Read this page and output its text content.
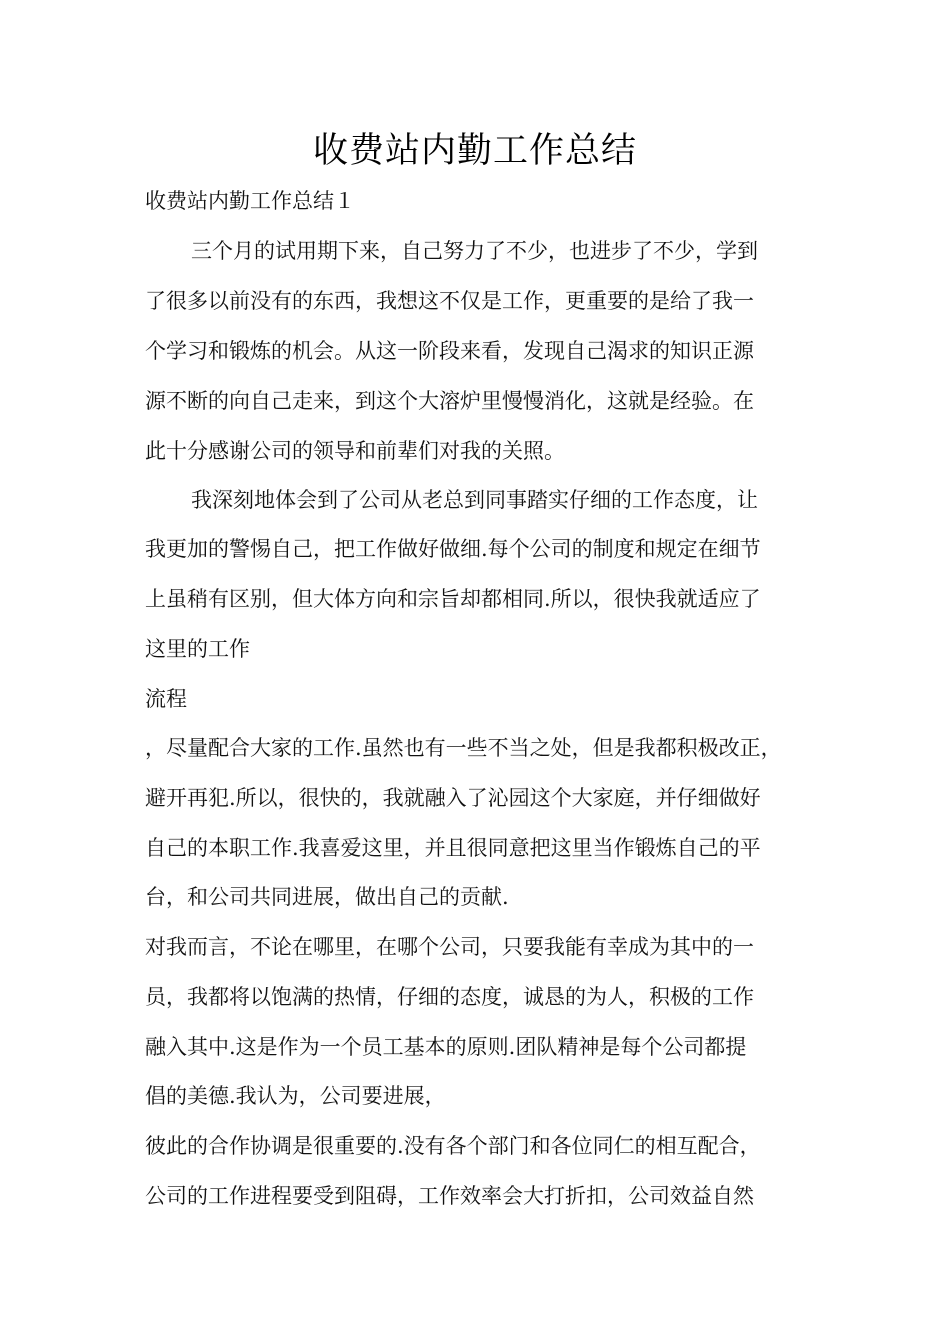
收费站内勤工作总结
收费站内勤工作总结１
三个月的试用期下来，自己努力了不少，也进步了不少，学到
了很多以前没有的东西，我想这不仅是工作，更重要的是给了我一
个学习和锻炼的机会。从这一阶段来看，发现自己渴求的知识正源
源不断的向自己走来，到这个大溶炉里慢慢消化，这就是经验。在
此十分感谢公司的领导和前辈们对我的关照。
我深刻地体会到了公司从老总到同事踏实仔细的工作态度，让
我更加的警惕自己，把工作做好做细.每个公司的制度和规定在细节
上虽稍有区别，但大体方向和宗旨却都相同.所以，很快我就适应了
这里的工作
流程
，尽量配合大家的工作.虽然也有一些不当之处，但是我都积极改正，
避开再犯.所以，很快的，我就融入了沁园这个大家庭，并仔细做好
自己的本职工作.我喜爱这里，并且很同意把这里当作锻炼自己的平
台，和公司共同进展，做出自己的贡献.
对我而言，不论在哪里，在哪个公司，只要我能有幸成为其中的一
员，我都将以饱满的热情，仔细的态度，诚恳的为人，积极的工作
融入其中.这是作为一个员工基本的原则.团队精神是每个公司都提
倡的美德.我认为，公司要进展，
彼此的合作协调是很重要的.没有各个部门和各位同仁的相互配合，
公司的工作进程要受到阻碍，工作效率会大打折扣，公司效益自然
